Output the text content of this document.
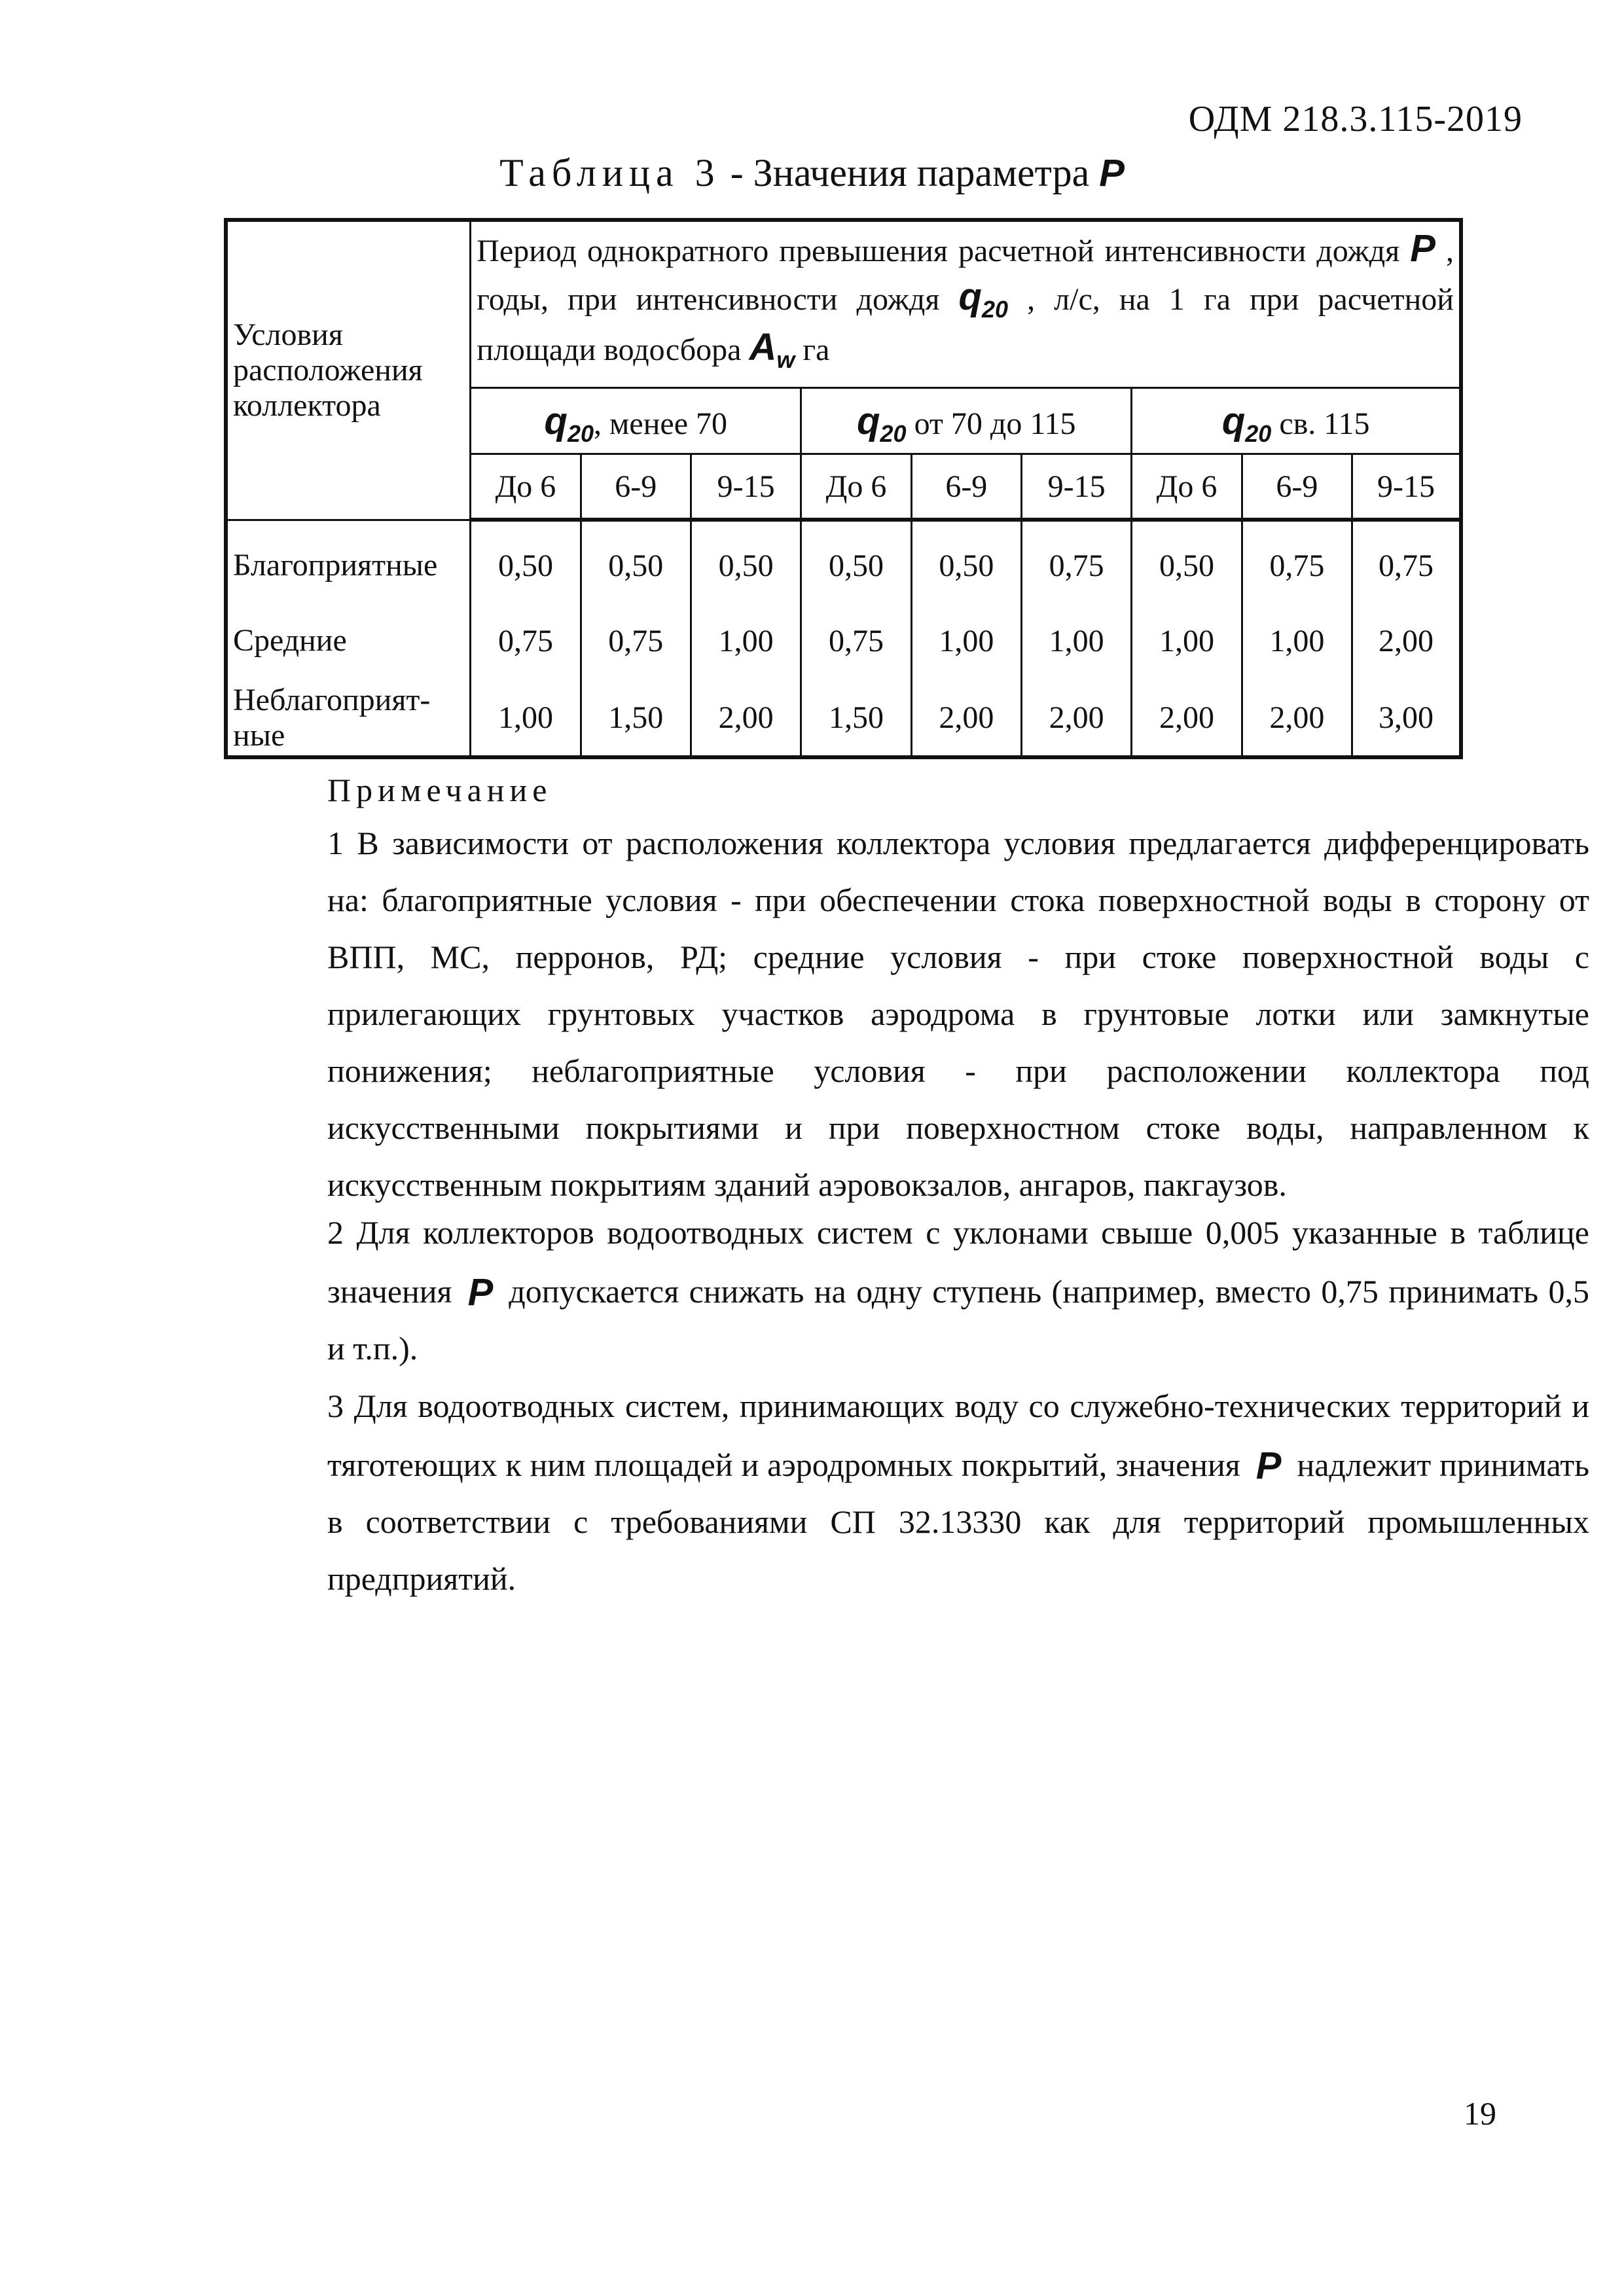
ОДМ 218.3.115-2019
Таблица 3 - Значения параметра P
Условия расположения коллектора	Период однократного превышения расчетной интенсивности дождя P , годы, при интенсивности дождя $q_{20}$ , л/с, на 1 га при расчетной площади водосбора $A_w$ га								
	$q_{20}$, менее 70			$q_{20}$ от 70 до 115			$q_{20}$ св. 115		
	До 6	6-9	9-15	До 6	6-9	9-15	До 6	6-9	9-15

Благоприятные	0,50	0,50	0,50	0,50	0,50	0,75	0,50	0,75	0,75
Средние	0,75	0,75	1,00	0,75	1,00	1,00	1,00	1,00	2,00
Неблагоприят-ные	1,00	1,50	2,00	1,50	2,00	2,00	2,00	2,00	3,00
Примечание
1 В зависимости от расположения коллектора условия предлагается дифференцировать на: благоприятные условия - при обеспечении стока поверхностной воды в сторону от ВПП, МС, перронов, РД; средние условия - при стоке поверхностной воды с прилегающих грунтовых участков аэродрома в грунтовые лотки или замкнутые понижения; неблагоприятные условия - при расположении коллектора под искусственными покрытиями и при поверхностном стоке воды, направленном к искусственным покрытиям зданий аэровокзалов, ангаров, пакгаузов.
2 Для коллекторов водоотводных систем с уклонами свыше 0,005 указанные в таблице значения P допускается снижать на одну ступень (например, вместо 0,75 принимать 0,5 и т.п.).
3 Для водоотводных систем, принимающих воду со служебно-технических территорий и тяготеющих к ним площадей и аэродромных покрытий, значения P надлежит принимать в соответствии с требованиями СП 32.13330 как для территорий промышленных предприятий.
19
